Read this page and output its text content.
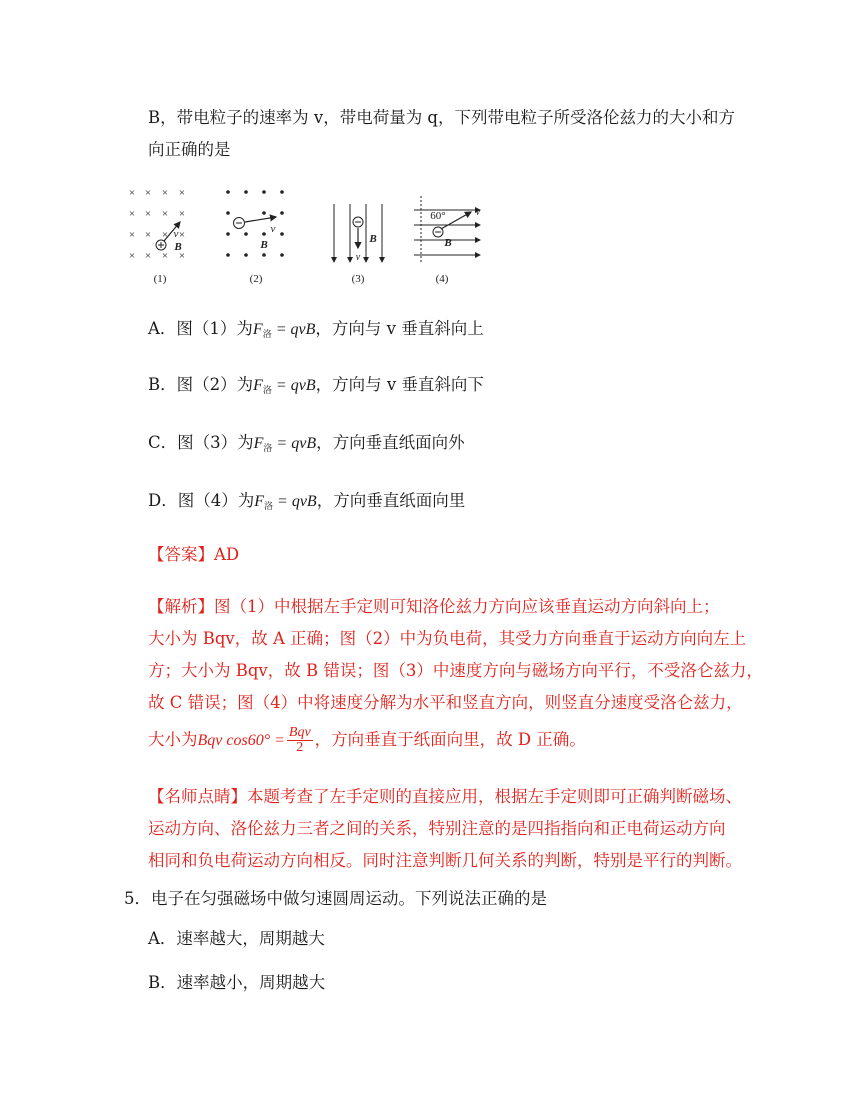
B，带电粒子的速率为 v，带电荷量为 q，下列带电粒子所受洛伦兹力的大小和方
向正确的是
× × × ×
× × × ×
× × × ×
× × × ×
v
B
(1)
v
B
(2)
v
B
(3)
60°	v
B
(4)
A．图（1）为$F_洛$ = qvB，方向与 v 垂直斜向上
B．图（2）为$F_洛$ = qvB，方向与 v 垂直斜向下
C．图（3）为$F_洛$ = qvB，方向垂直纸面向外
D．图（4）为$F_洛$ = qvB，方向垂直纸面向里
【答案】AD
【解析】图（1）中根据左手定则可知洛伦兹力方向应该垂直运动方向斜向上；
大小为 Bqv，故 A 正确；图（2）中为负电荷，其受力方向垂直于运动方向向左上
方；大小为 Bqv，故 B 错误；图（3）中速度方向与磁场方向平行，不受洛仑兹力，
故 C 错误；图（4）中将速度分解为水平和竖直方向，则竖直分速度受洛仑兹力，
大小为Bqv $\cos 60^\circ = \frac{\text{Bqv}}{2}$ ，方向垂直于纸面向里，故 D 正确。
【名师点睛】本题考查了左手定则的直接应用，根据左手定则即可正确判断磁场、
运动方向、洛伦兹力三者之间的关系，特别注意的是四指指向和正电荷运动方向
相同和负电荷运动方向相反。同时注意判断几何关系的判断，特别是平行的判断。
5．电子在匀强磁场中做匀速圆周运动。下列说法正确的是
A．速率越大，周期越大
B．速率越小，周期越大
